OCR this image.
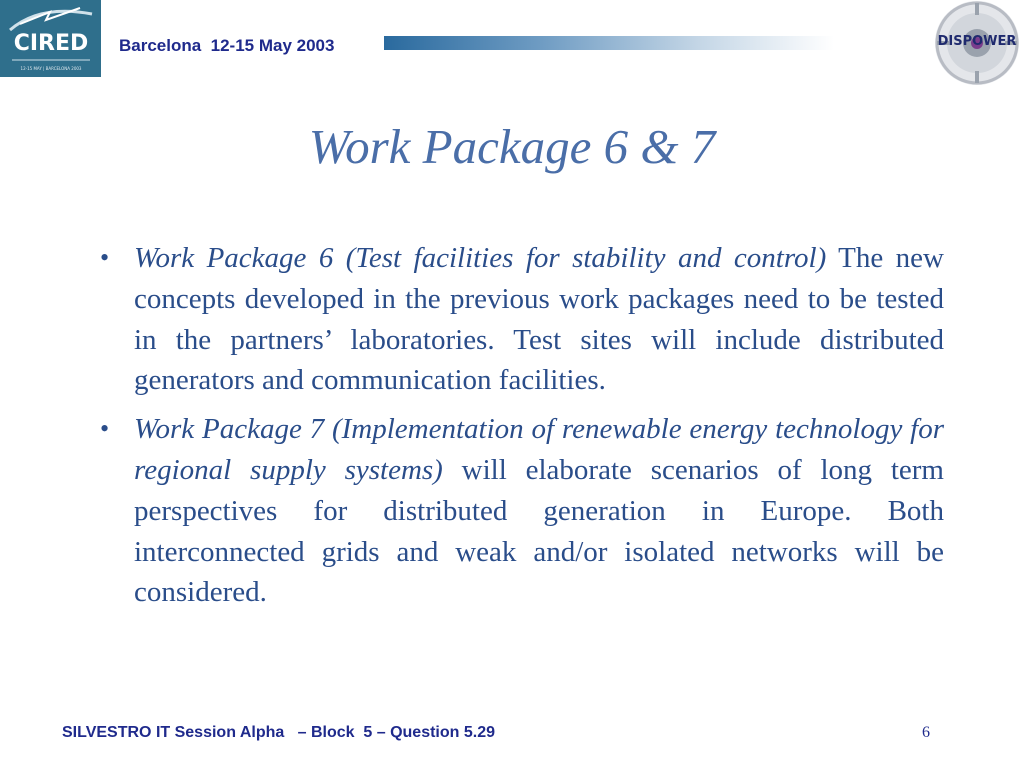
CIRED
12-15 MAY | BARCELONA 2003
Barcelona  12-15 May 2003	DISPOWER
Work Package 6 & 7
• Work Package 6 (Test facilities for stability and control) The new concepts developed in the previous work packages need to be tested in the partners’ laboratories. Test sites will include distributed generators and communication facilities.
• Work Package 7 (Implementation of renewable energy technology for regional supply systems) will elaborate scenarios of long term perspectives for distributed generation in Europe. Both interconnected grids and weak and/or isolated networks will be considered.
SILVESTRO IT Session Alpha   – Block  5 – Question 5.29	6
